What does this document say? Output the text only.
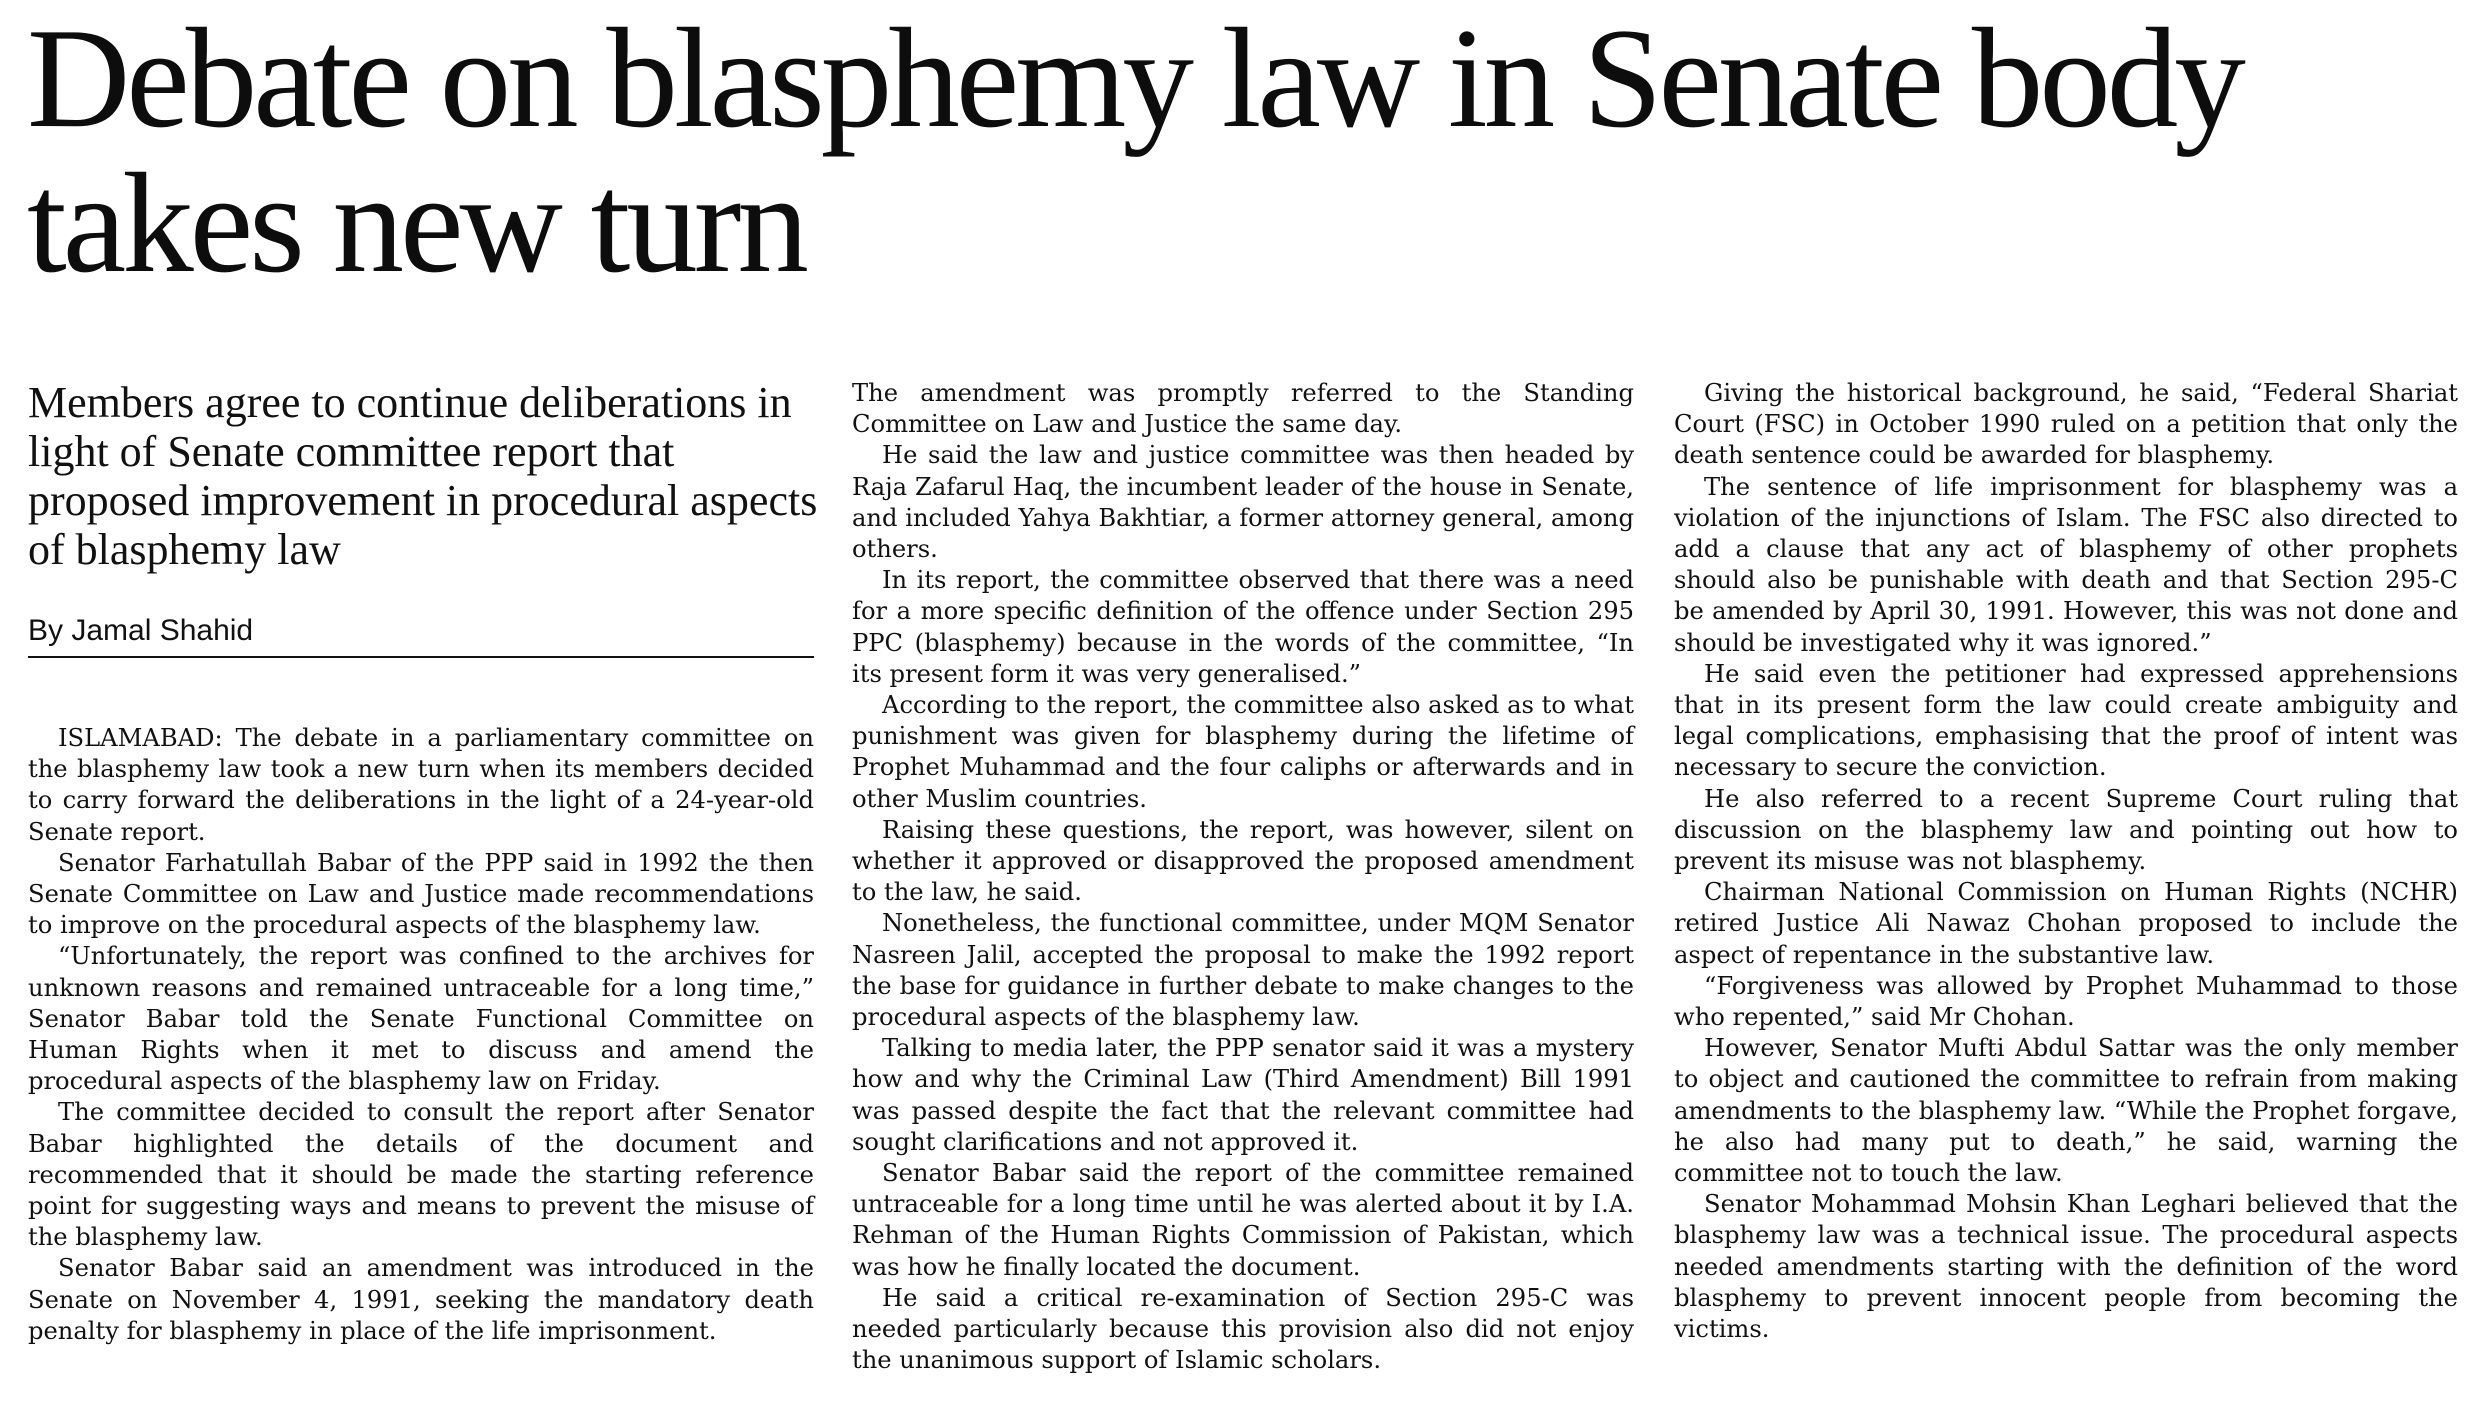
Debate on blasphemy law in Senate body takes new turn
Members agree to continue deliberations in light of Senate committee report that proposed improvement in procedural aspects of blasphemy law
By Jamal Shahid

ISLAMABAD: The debate in a parliamentary committee on the blasphemy law took a new turn when its members decided to carry forward the deliberations in the light of a 24-year-old Senate report.

Senator Farhatullah Babar of the PPP said in 1992 the then Senate Committee on Law and Justice made recommendations to improve on the procedural aspects of the blasphemy law.

“Unfortunately, the report was confined to the archives for unknown reasons and remained untraceable for a long time,” Senator Babar told the Senate Functional Committee on Human Rights when it met to discuss and amend the procedural aspects of the blasphemy law on Friday.

The committee decided to consult the report after Senator Babar highlighted the details of the document and recommended that it should be made the starting reference point for suggesting ways and means to prevent the misuse of the blasphemy law.

Senator Babar said an amendment was introduced in the Senate on November 4, 1991, seeking the mandatory death penalty for blasphemy in place of the life imprisonment.

The amendment was promptly referred to the Standing Committee on Law and Justice the same day.

He said the law and justice committee was then headed by Raja Zafarul Haq, the incumbent leader of the house in Senate, and included Yahya Bakhtiar, a former attorney general, among others.

In its report, the committee observed that there was a need for a more specific definition of the offence under Section 295 PPC (blasphemy) because in the words of the committee, “In its present form it was very generalised.”

According to the report, the committee also asked as to what punishment was given for blasphemy during the lifetime of Prophet Muhammad and the four caliphs or afterwards and in other Muslim countries.

Raising these questions, the report, was however, silent on whether it approved or disapproved the proposed amendment to the law, he said.

Nonetheless, the functional committee, under MQM Senator Nasreen Jalil, accepted the proposal to make the 1992 report the base for guidance in further debate to make changes to the procedural aspects of the blasphemy law.

Talking to media later, the PPP senator said it was a mystery how and why the Criminal Law (Third Amendment) Bill 1991 was passed despite the fact that the relevant committee had sought clarifications and not approved it.

Senator Babar said the report of the committee remained untraceable for a long time until he was alerted about it by I.A. Rehman of the Human Rights Commission of Pakistan, which was how he finally located the document.

He said a critical re-examination of Section 295-C was needed particularly because this provision also did not enjoy the unanimous support of Islamic scholars.

Giving the historical background, he said, “Federal Shariat Court (FSC) in October 1990 ruled on a petition that only the death sentence could be awarded for blasphemy.

The sentence of life imprisonment for blasphemy was a violation of the injunctions of Islam. The FSC also directed to add a clause that any act of blasphemy of other prophets should also be punishable with death and that Section 295-C be amended by April 30, 1991. However, this was not done and should be investigated why it was ignored.”

He said even the petitioner had expressed apprehensions that in its present form the law could create ambiguity and legal complications, emphasising that the proof of intent was necessary to secure the conviction.

He also referred to a recent Supreme Court ruling that discussion on the blasphemy law and pointing out how to prevent its misuse was not blasphemy.

Chairman National Commission on Human Rights (NCHR) retired Justice Ali Nawaz Chohan proposed to include the aspect of repentance in the substantive law.

“Forgiveness was allowed by Prophet Muhammad to those who repented,” said Mr Chohan.

However, Senator Mufti Abdul Sattar was the only member to object and cautioned the committee to refrain from making amendments to the blasphemy law. “While the Prophet forgave, he also had many put to death,” he said, warning the committee not to touch the law.

Senator Mohammad Mohsin Khan Leghari believed that the blasphemy law was a technical issue. The procedural aspects needed amendments starting with the definition of the word blasphemy to prevent innocent people from becoming the victims.
